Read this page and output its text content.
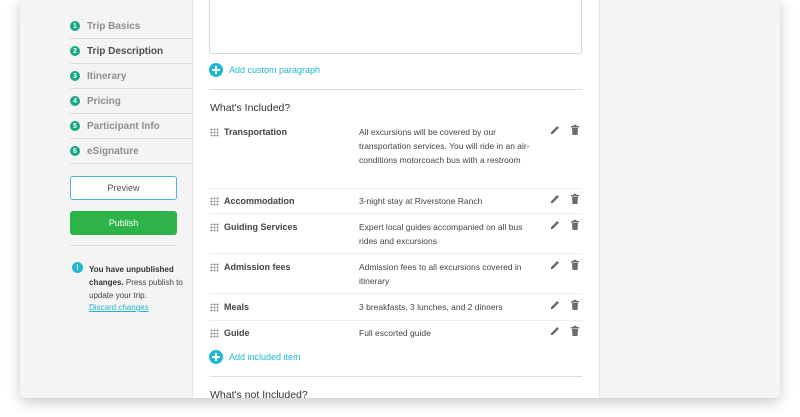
1	Trip Basics
2	Trip Description
3	Itinerary
4	Pricing
5	Participant Info
6	eSignature
Preview
Publish
!	You have unpublished changes. Press publish to update your trip.
Discard changes
Add custom paragraph
What's Included?
Transportation	All excursions will be covered by our transportation services. You will ride in an air-conditions motorcoach bus with a restroom
Accommodation	3-night stay at Riverstone Ranch
Guiding Services	Expert local guides accompanied on all bus rides and excursions
Admission fees	Admission fees to all excursions covered in itinerary
Meals	3 breakfasts, 3 lunches, and 2 dinners
Guide	Full escorted guide
Add included item
What's not Included?
